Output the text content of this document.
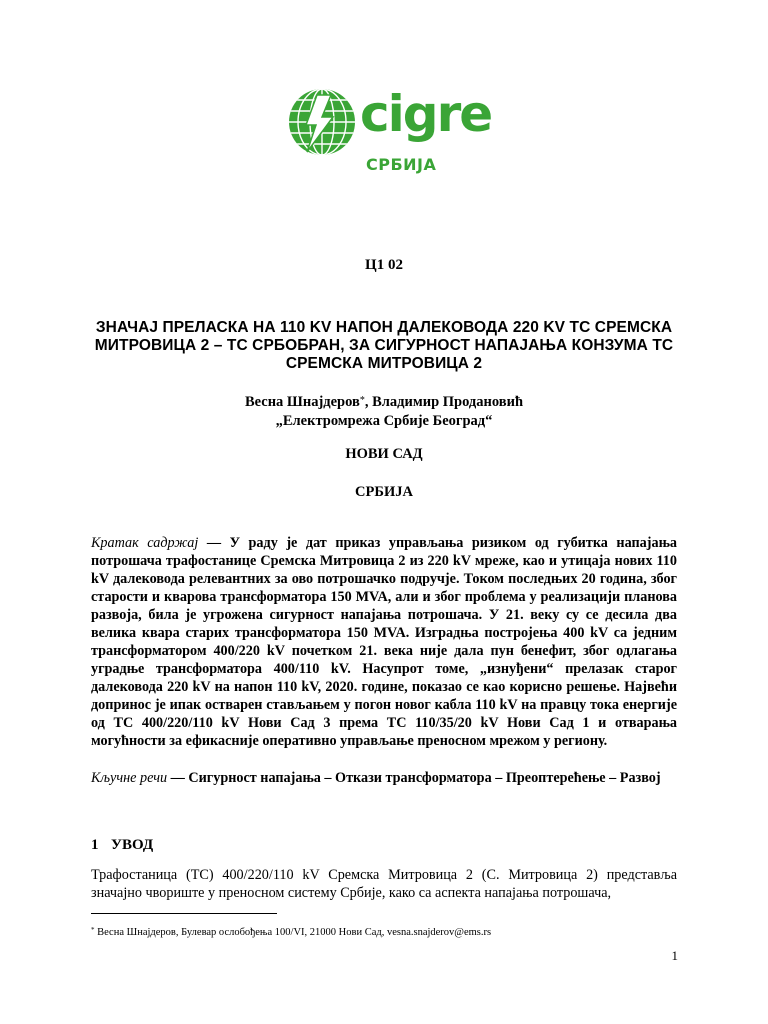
cigre
СРБИЈА
Ц1 02
ЗНАЧАЈ ПРЕЛАСКА НА 110 KV НАПОН ДАЛЕКОВОДА 220 KV ТС СРЕМСКА МИТРОВИЦА 2 – ТС СРБОБРАН, ЗА СИГУРНОСТ НАПАЈАЊА КОНЗУМА ТС СРЕМСКА МИТРОВИЦА 2
Весна Шнајдеров*, Владимир Продановић
„Електромрежа Србије Београд“
НОВИ САД
СРБИЈА
Кратак садржај — У раду је дат приказ управљања ризиком од губитка напајања потрошача трафостанице Сремска Митровица 2 из 220 kV мреже, као и утицаја нових 110 kV далековода релевантних за ово потрошачко подручје. Током последњих 20 година, због старости и кварова трансформатора 150 MVA, али и због проблема у реализацији планова развоја, била је угрожена сигурност напајања потрошача. У 21. веку су се десила два велика квара старих трансформатора 150 MVA. Изградња постројења 400 kV са једним трансформатором 400/220 kV почетком 21. века није дала пун бенефит, због одлагања уградње трансформатора 400/110 kV. Насупрот томе, „изнуђени“ прелазак старог далековода 220 kV на напон 110 kV, 2020. године, показао се као корисно решење. Највећи допринос је ипак остварен стављањем у погон новог кабла 110 kV на правцу тока енергије од ТС 400/220/110 kV Нови Сад 3 према ТС 110/35/20 kV Нови Сад 1 и отварања могућности за ефикасније оперативно управљање преносном мрежом у региону.
Кључне речи — Сигурност напајања – Откази трансформатора – Преоптерећење – Развој
1 УВОД
Трафостаница (ТС) 400/220/110 kV Сремска Митровица 2 (С. Митровица 2) представља значајно чвориште у преносном систему Србије, како са аспекта напајања потрошача,
* Весна Шнајдеров, Булевар ослобођења 100/VI, 21000 Нови Сад, vesna.snajderov@ems.rs
1
